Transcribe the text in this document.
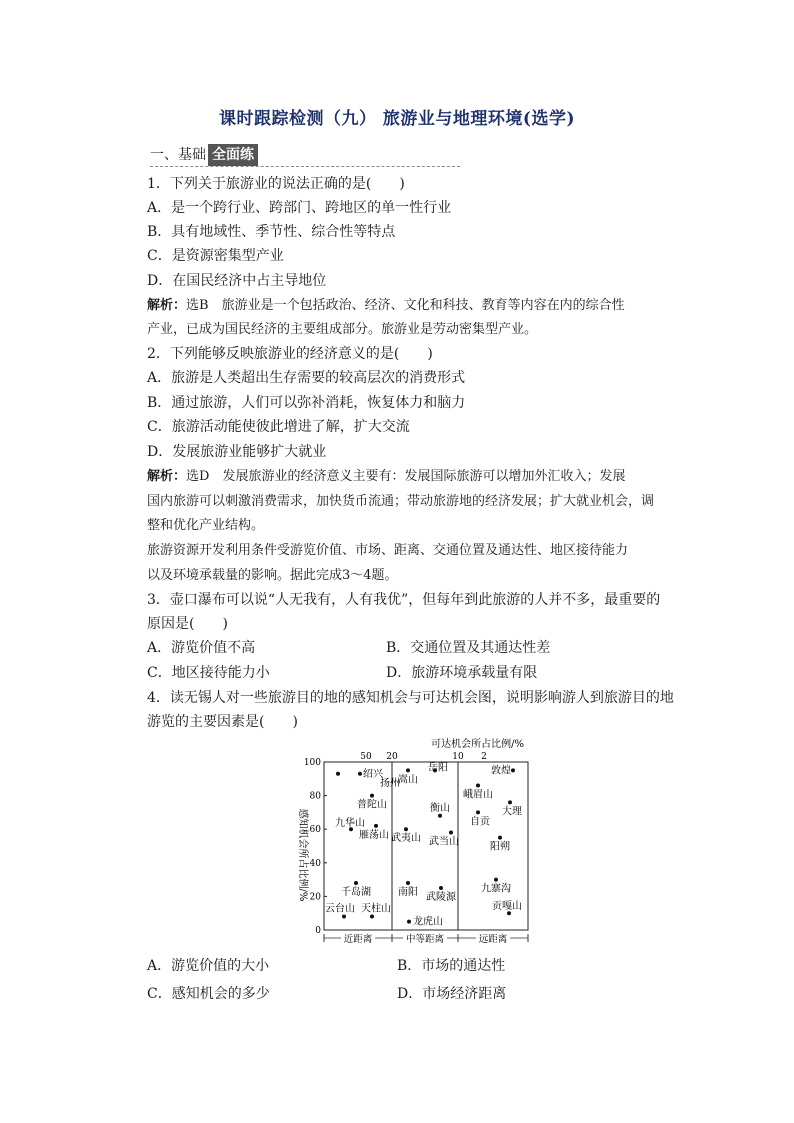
课时跟踪检测（九） 旅游业与地理环境(选学)
一、基础 全面练
1．下列关于旅游业的说法正确的是(　　)
A．是一个跨行业、跨部门、跨地区的单一性行业
B．具有地域性、季节性、综合性等特点
C．是资源密集型产业
D．在国民经济中占主导地位
解析：选B　旅游业是一个包括政治、经济、文化和科技、教育等内容在内的综合性
产业，已成为国民经济的主要组成部分。旅游业是劳动密集型产业。
2．下列能够反映旅游业的经济意义的是(　　)
A．旅游是人类超出生存需要的较高层次的消费形式
B．通过旅游，人们可以弥补消耗，恢复体力和脑力
C．旅游活动能使彼此增进了解，扩大交流
D．发展旅游业能够扩大就业
解析：选D　发展旅游业的经济意义主要有：发展国际旅游可以增加外汇收入；发展
国内旅游可以刺激消费需求，加快货币流通；带动旅游地的经济发展；扩大就业机会，调
整和优化产业结构。
旅游资源开发利用条件受游览价值、市场、距离、交通位置及通达性、地区接待能力
以及环境承载量的影响。据此完成3～4题。
3．壶口瀑布可以说“人无我有，人有我优”，但每年到此旅游的人并不多，最重要的
原因是(　　)
A．游览价值不高	B．交通位置及其通达性差
C．地区接待能力小	D．旅游环境承载量有限
4．读无锡人对一些旅游目的地的感知机会与可达机会图，说明影响游人到旅游目的地
游览的主要因素是(　　)
可达机会所占比例/%
50 20	10 2
感知机会所占比例/%
100
80
60
40
20
0
扬州
绍兴
普陀山
九华山
雁荡山
千岛湖
云台山 天柱山
嵩山
岳阳
衡山
武夷山 武当山
南阳 武陵源
龙虎山
敦煌
峨眉山
大理
自贡
阳朔
九寨沟
贡嘎山
近距离	中等距离	远距离
A．游览价值的大小	B．市场的通达性
C．感知机会的多少	D．市场经济距离
